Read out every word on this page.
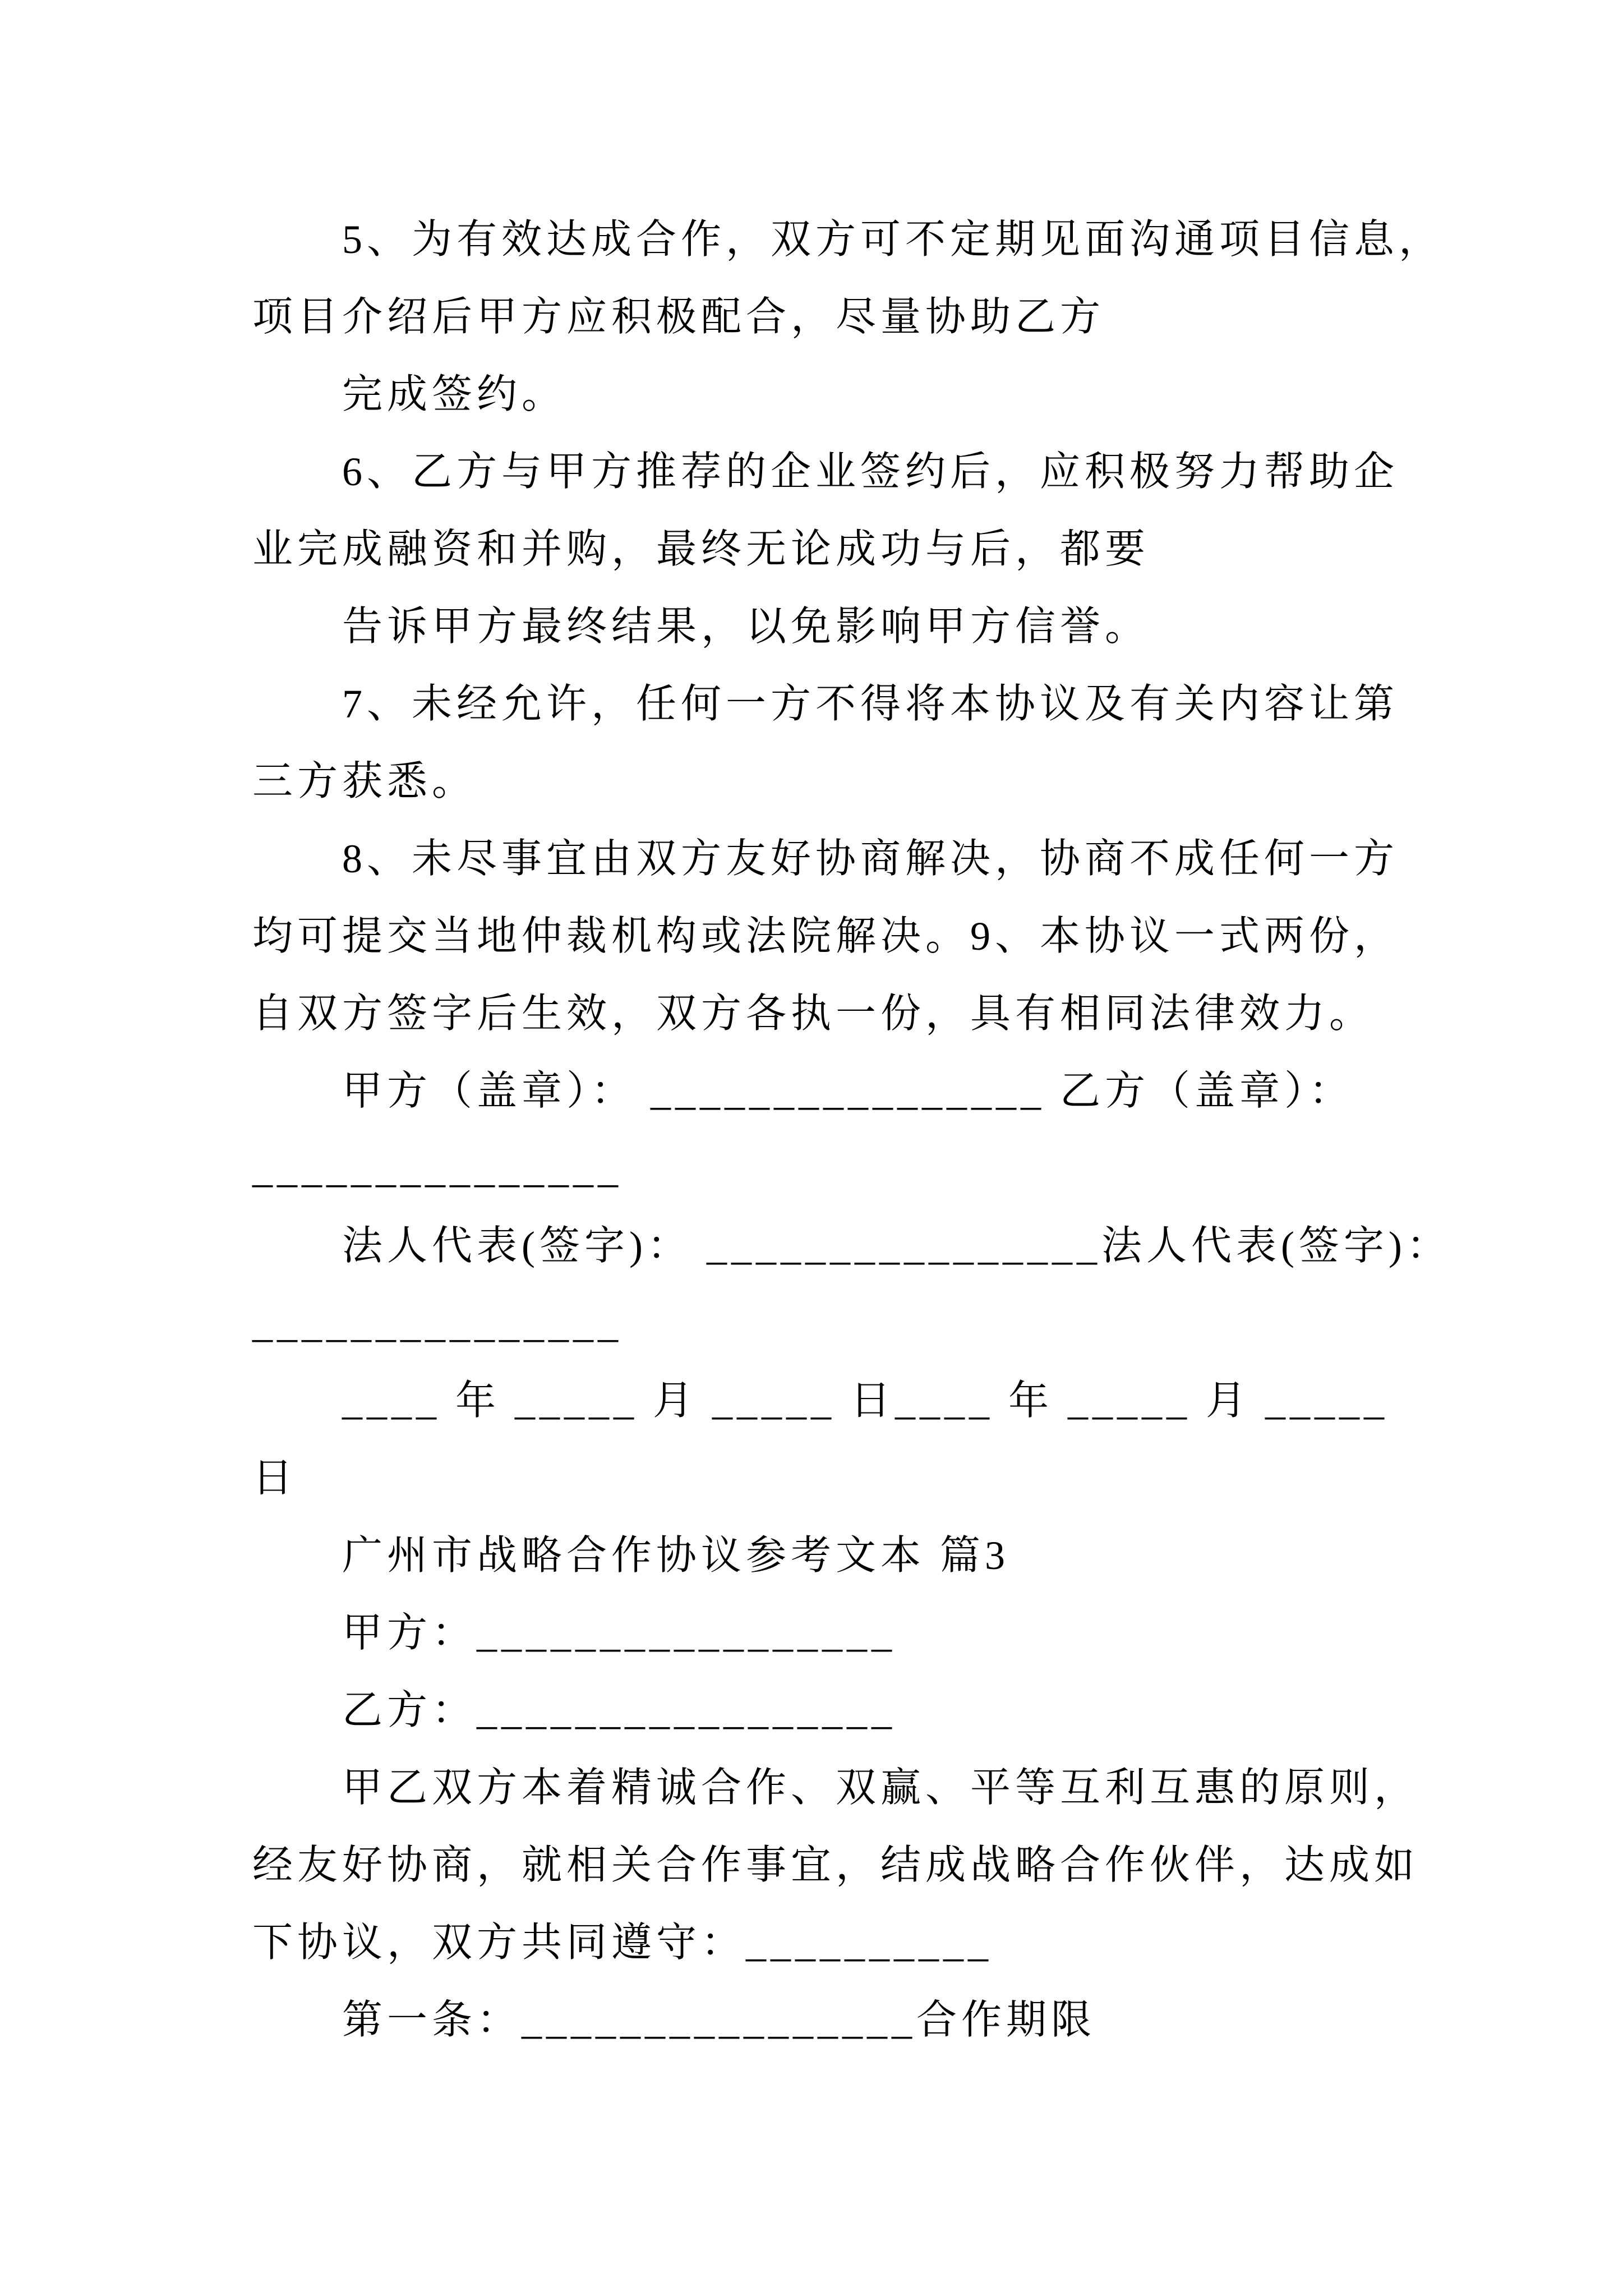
5、为有效达成合作，双方可不定期见面沟通项目信息，
项目介绍后甲方应积极配合，尽量协助乙方
完成签约。
6、乙方与甲方推荐的企业签约后，应积极努力帮助企
业完成融资和并购，最终无论成功与后，都要
告诉甲方最终结果，以免影响甲方信誉。
7、未经允许，任何一方不得将本协议及有关内容让第
三方获悉。
8、未尽事宜由双方友好协商解决，协商不成任何一方
均可提交当地仲裁机构或法院解决。9、本协议一式两份，
自双方签字后生效，双方各执一份，具有相同法律效力。
甲方（盖章）： ________________ 乙方（盖章）：
_______________
法人代表(签字)： ________________法人代表(签字)：
_______________
____ 年 _____ 月 _____ 日____ 年 _____ 月 _____
日
广州市战略合作协议参考文本 篇3
甲方：_________________
乙方：_________________
甲乙双方本着精诚合作、双赢、平等互利互惠的原则，
经友好协商，就相关合作事宜，结成战略合作伙伴，达成如
下协议，双方共同遵守：__________
第一条：________________合作期限
